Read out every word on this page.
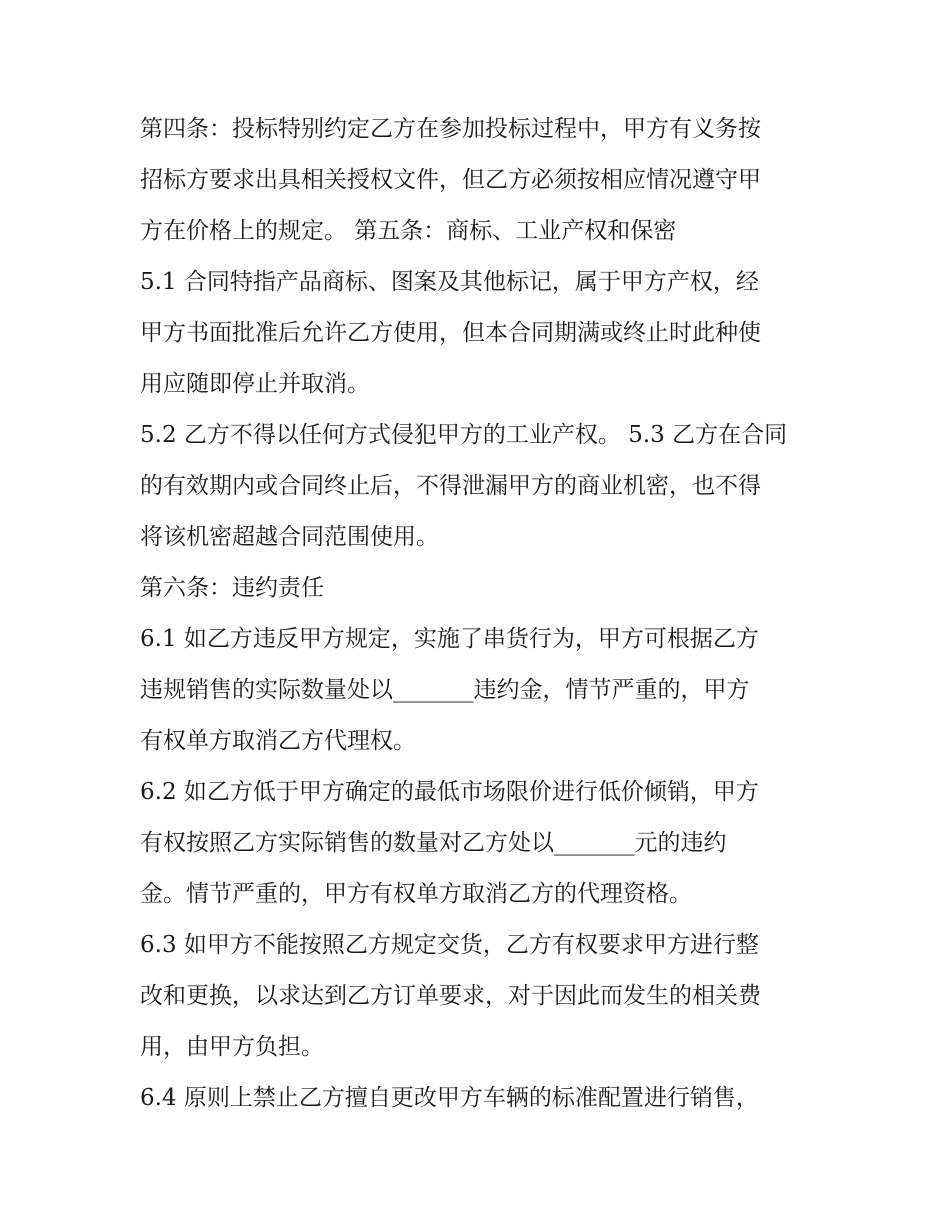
第四条：投标特别约定乙方在参加投标过程中，甲方有义务按
招标方要求出具相关授权文件，但乙方必须按相应情况遵守甲
方在价格上的规定。 第五条：商标、工业产权和保密
5.1 合同特指产品商标、图案及其他标记，属于甲方产权，经
甲方书面批准后允许乙方使用，但本合同期满或终止时此种使
用应随即停止并取消。
5.2 乙方不得以任何方式侵犯甲方的工业产权。 5.3 乙方在合同
的有效期内或合同终止后，不得泄漏甲方的商业机密，也不得
将该机密超越合同范围使用。
第六条：违约责任
6.1 如乙方违反甲方规定，实施了串货行为，甲方可根据乙方
违规销售的实际数量处以_______违约金，情节严重的，甲方
有权单方取消乙方代理权。
6.2 如乙方低于甲方确定的最低市场限价进行低价倾销，甲方
有权按照乙方实际销售的数量对乙方处以_______元的违约
金。情节严重的，甲方有权单方取消乙方的代理资格。
6.3 如甲方不能按照乙方规定交货，乙方有权要求甲方进行整
改和更换，以求达到乙方订单要求，对于因此而发生的相关费
用，由甲方负担。
6.4 原则上禁止乙方擅自更改甲方车辆的标准配置进行销售，
